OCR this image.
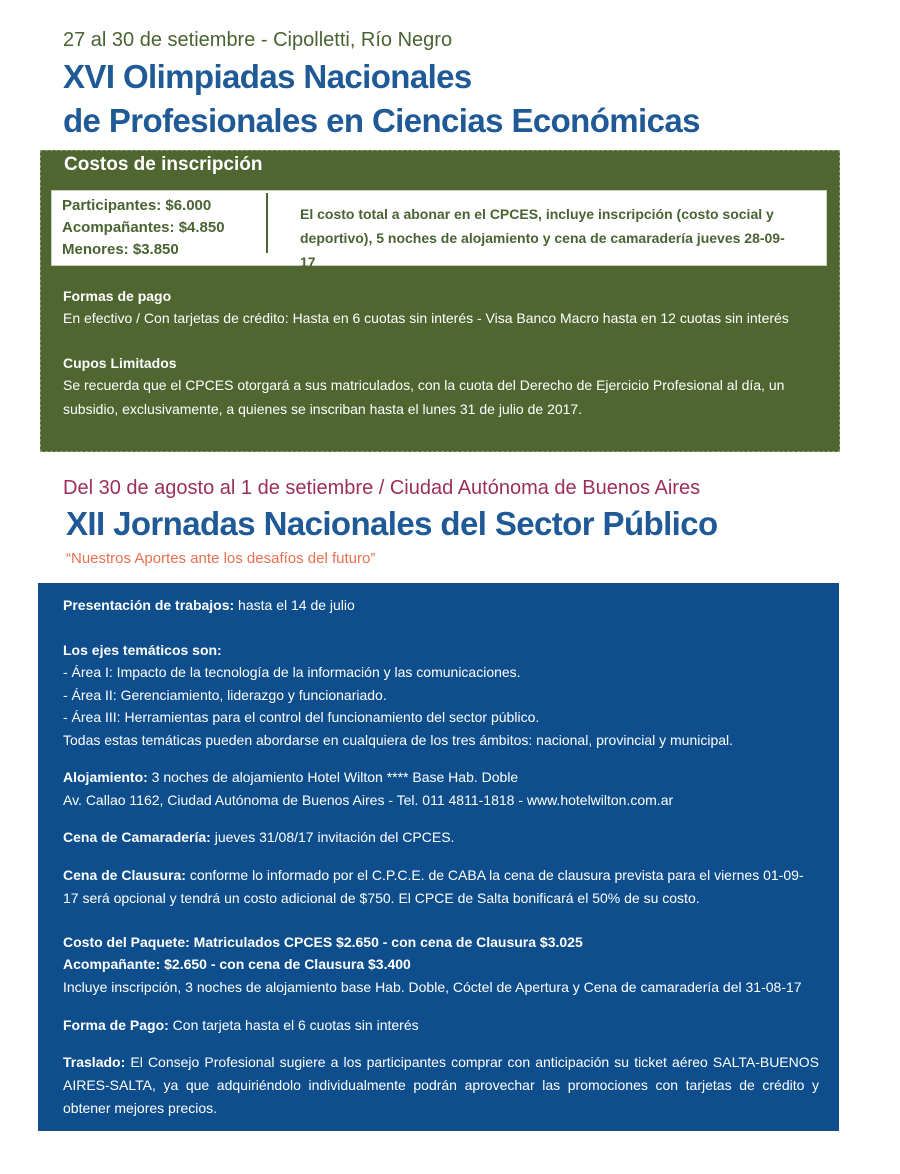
27 al 30 de setiembre - Cipolletti, Río Negro
XVI Olimpiadas Nacionales
de Profesionales en Ciencias Económicas
Costos de inscripción
Participantes: $6.000
Acompañantes: $4.850
Menores: $3.850
El costo total a abonar en el CPCES, incluye inscripción (costo social y deportivo), 5 noches de alojamiento y cena de camaradería jueves 28-09-17
Formas de pago
En efectivo / Con tarjetas de crédito: Hasta en 6 cuotas sin interés - Visa Banco Macro hasta en 12 cuotas sin interés
Cupos Limitados
Se recuerda que el CPCES otorgará a sus matriculados, con la cuota del Derecho de Ejercicio Profesional al día, un subsidio, exclusivamente, a quienes se inscriban hasta el lunes 31 de julio de 2017.
Del 30 de agosto al 1 de setiembre / Ciudad Autónoma de Buenos Aires
XII Jornadas Nacionales del Sector Público
“Nuestros Aportes ante los desafíos del futuro”
Presentación de trabajos: hasta el 14 de julio
Los ejes temáticos son:
- Área I: Impacto de la tecnología de la información y las comunicaciones.
- Área II: Gerenciamiento, liderazgo y funcionariado.
- Área III: Herramientas para el control del funcionamiento del sector público.
Todas estas temáticas pueden abordarse en cualquiera de los tres ámbitos: nacional, provincial y municipal.
Alojamiento: 3 noches de alojamiento Hotel Wilton **** Base Hab. Doble
Av. Callao 1162, Ciudad Autónoma de Buenos Aires - Tel. 011 4811-1818 - www.hotelwilton.com.ar
Cena de Camaradería: jueves 31/08/17 invitación del CPCES.
Cena de Clausura: conforme lo informado por el C.P.C.E. de CABA la cena de clausura prevista para el viernes 01-09-17 será opcional y tendrá un costo adicional de $750. El CPCE de Salta bonificará el 50% de su costo.
Costo del Paquete: Matriculados CPCES $2.650 - con cena de Clausura $3.025
Acompañante: $2.650 - con cena de Clausura $3.400
Incluye inscripción, 3 noches de alojamiento base Hab. Doble, Cóctel de Apertura y Cena de camaradería del 31-08-17
Forma de Pago: Con tarjeta hasta el 6 cuotas sin interés
Traslado: El Consejo Profesional sugiere a los participantes comprar con anticipación su ticket aéreo SALTA-BUENOS AIRES-SALTA, ya que adquiriéndolo individualmente podrán aprovechar las promociones con tarjetas de crédito y obtener mejores precios.
